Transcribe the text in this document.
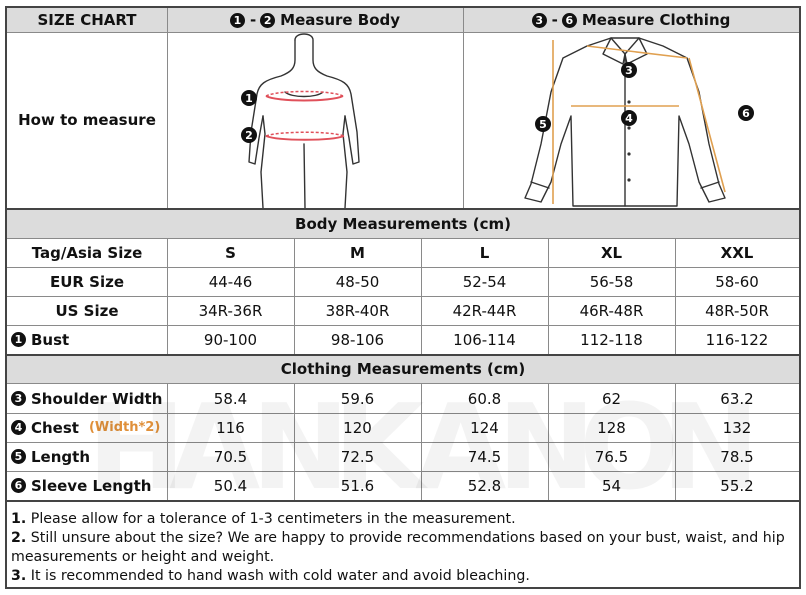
SIZE CHART	1 - 2 Measure Body	3 - 6 Measure Clothing
How to measure
1
2
3
4
5
6
Body Measurements (cm)
Tag/Asia Size	S	M	L	XL	XXL
EUR Size	44-46	48-50	52-54	56-58	58-60
US Size	34R-36R	38R-40R	42R-44R	46R-48R	48R-50R
1 Bust	90-100	98-106	106-114	112-118	116-122
Clothing Measurements (cm)
3 Shoulder Width	58.4	59.6	60.8	62	63.2
4 Chest (Width*2)	116	120	124	128	132
5 Length	70.5	72.5	74.5	76.5	78.5
6 Sleeve Length	50.4	51.6	52.8	54	55.2
1. Please allow for a tolerance of 1-3 centimeters in the measurement.
2. Still unsure about the size? We are happy to provide recommendations based on your bust, waist, and hip measurements or height and weight.
3. It is recommended to hand wash with cold water and avoid bleaching.
